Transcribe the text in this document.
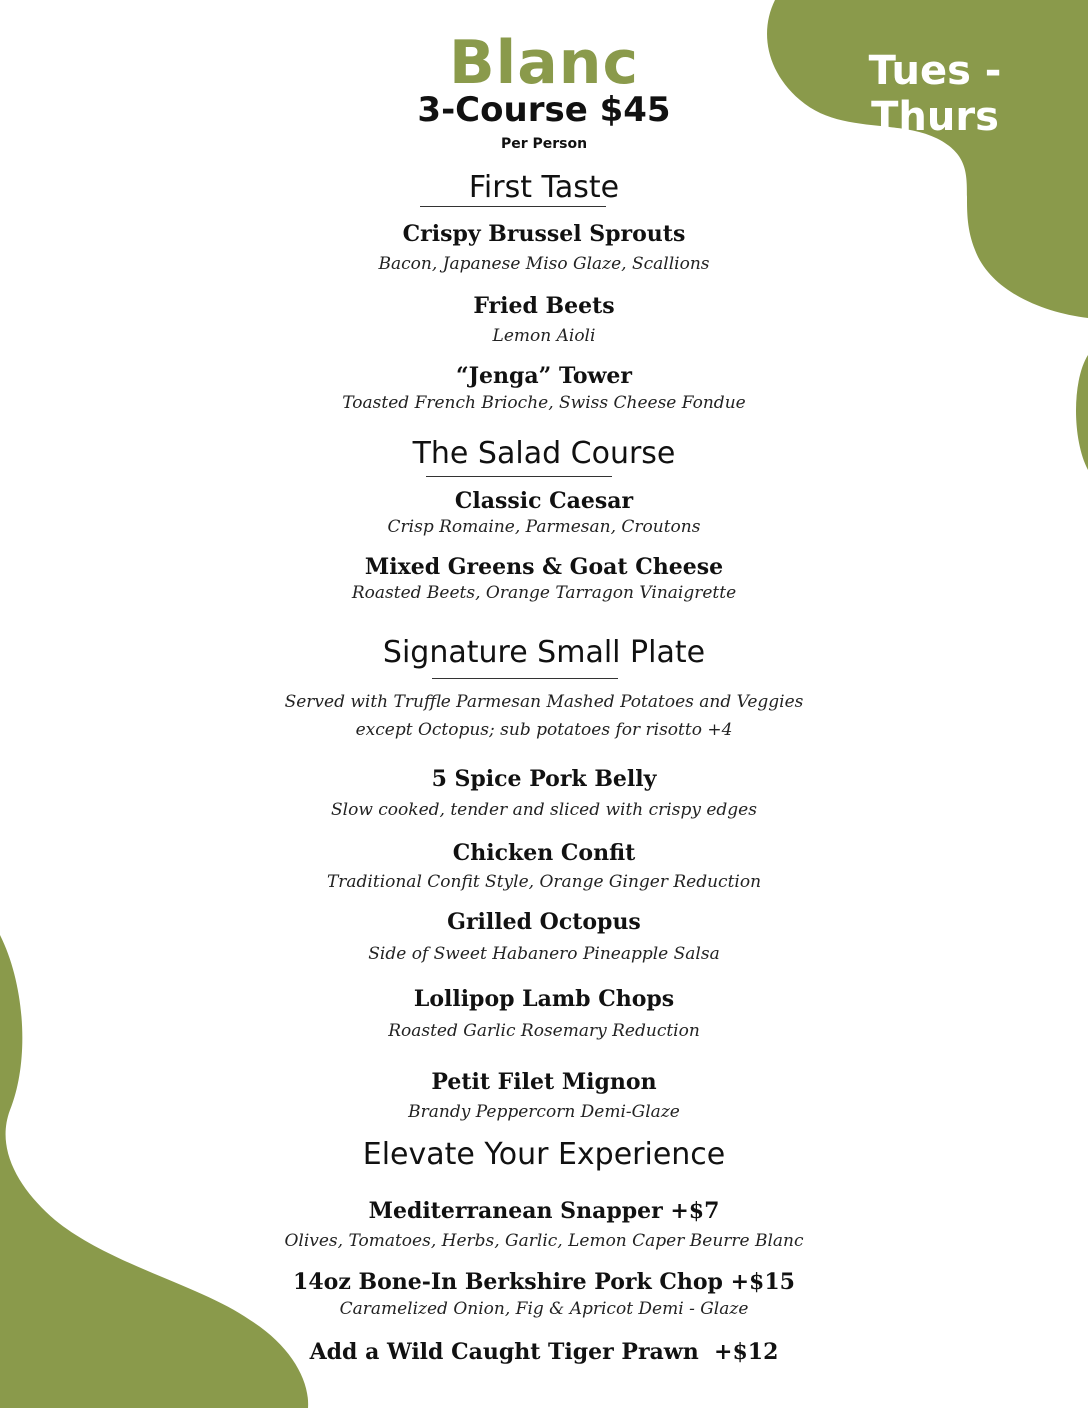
Tues - Thurs
Blanc
3-Course $45
Per Person
First Taste
Crispy Brussel Sprouts
Bacon, Japanese Miso Glaze, Scallions
Fried Beets
Lemon Aioli
“Jenga” Tower
Toasted French Brioche, Swiss Cheese Fondue
The Salad Course
Classic Caesar
Crisp Romaine, Parmesan, Croutons
Mixed Greens & Goat Cheese
Roasted Beets, Orange Tarragon Vinaigrette
Signature Small Plate
Served with Truffle Parmesan Mashed Potatoes and Veggies
except Octopus; sub potatoes for risotto +4
5 Spice Pork Belly
Slow cooked, tender and sliced with crispy edges
Chicken Confit
Traditional Confit Style, Orange Ginger Reduction
Grilled Octopus
Side of Sweet Habanero Pineapple Salsa
Lollipop Lamb Chops
Roasted Garlic Rosemary Reduction
Petit Filet Mignon
Brandy Peppercorn Demi-Glaze
Elevate Your Experience
Mediterranean Snapper +$7
Olives, Tomatoes, Herbs, Garlic, Lemon Caper Beurre Blanc
14oz Bone-In Berkshire Pork Chop +$15
Caramelized Onion, Fig & Apricot Demi - Glaze
Add a Wild Caught Tiger Prawn  +$12
